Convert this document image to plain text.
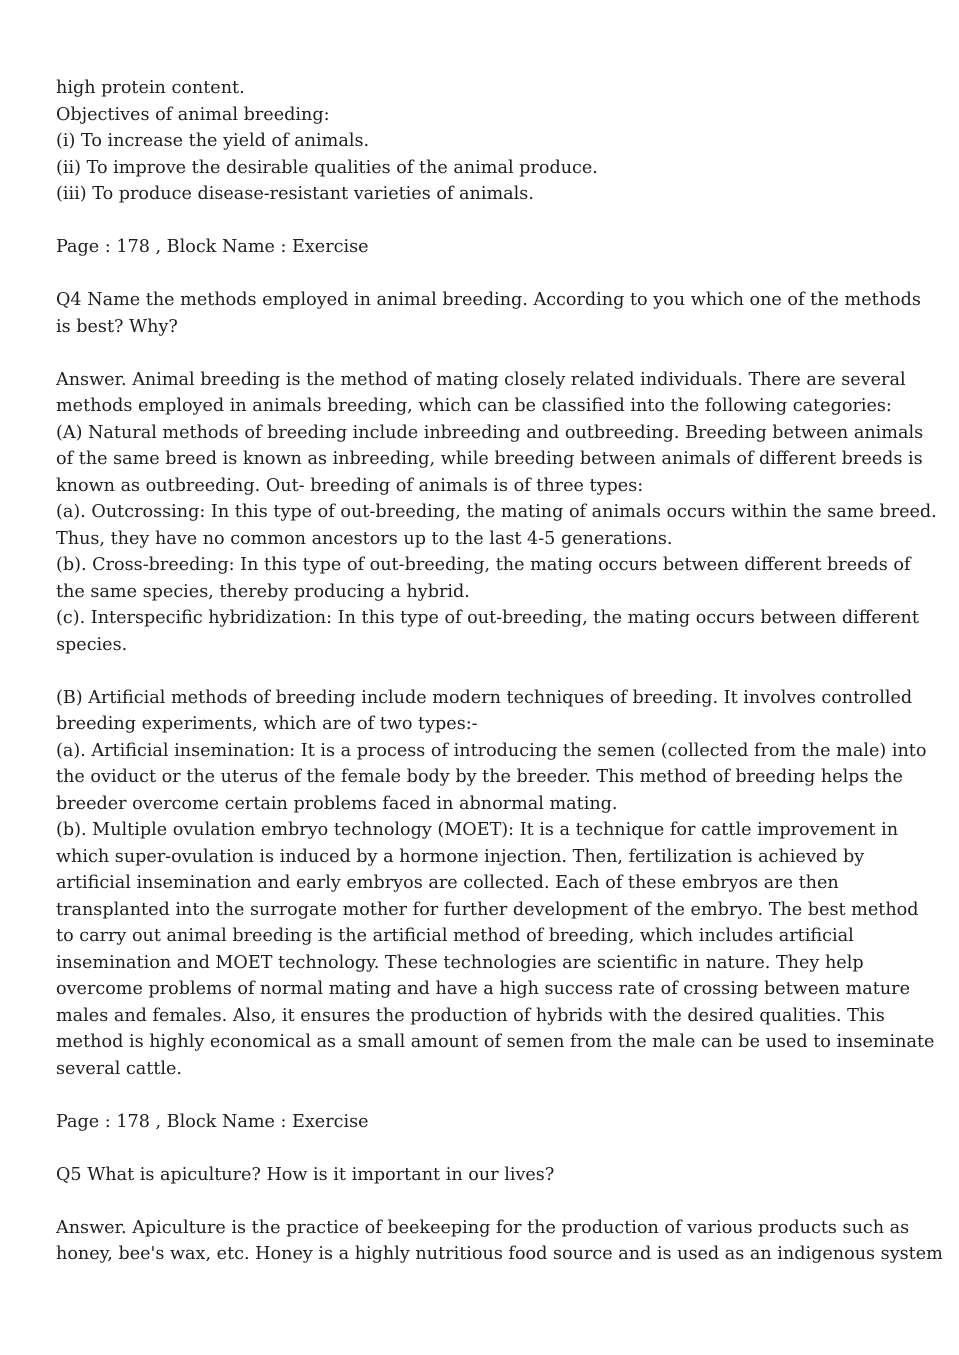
high protein content.
Objectives of animal breeding:
(i) To increase the yield of animals.
(ii) To improve the desirable qualities of the animal produce.
(iii) To produce disease-resistant varieties of animals.
Page : 178 , Block Name : Exercise
Q4 Name the methods employed in animal breeding. According to you which one of the methods
is best? Why?
Answer. Animal breeding is the method of mating closely related individuals. There are several
methods employed in animals breeding, which can be classified into the following categories:
(A) Natural methods of breeding include inbreeding and outbreeding. Breeding between animals
of the same breed is known as inbreeding, while breeding between animals of different breeds is
known as outbreeding. Out- breeding of animals is of three types:
(a). Outcrossing: In this type of out-breeding, the mating of animals occurs within the same breed.
Thus, they have no common ancestors up to the last 4-5 generations.
(b). Cross-breeding: In this type of out-breeding, the mating occurs between different breeds of
the same species, thereby producing a hybrid.
(c). Interspecific hybridization: In this type of out-breeding, the mating occurs between different
species.
(B) Artificial methods of breeding include modern techniques of breeding. It involves controlled
breeding experiments, which are of two types:-
(a). Artificial insemination: It is a process of introducing the semen (collected from the male) into
the oviduct or the uterus of the female body by the breeder. This method of breeding helps the
breeder overcome certain problems faced in abnormal mating.
(b). Multiple ovulation embryo technology (MOET): It is a technique for cattle improvement in
which super-ovulation is induced by a hormone injection. Then, fertilization is achieved by
artificial insemination and early embryos are collected. Each of these embryos are then
transplanted into the surrogate mother for further development of the embryo. The best method
to carry out animal breeding is the artificial method of breeding, which includes artificial
insemination and MOET technology. These technologies are scientific in nature. They help
overcome problems of normal mating and have a high success rate of crossing between mature
males and females. Also, it ensures the production of hybrids with the desired qualities. This
method is highly economical as a small amount of semen from the male can be used to inseminate
several cattle.
Page : 178 , Block Name : Exercise
Q5 What is apiculture? How is it important in our lives?
Answer. Apiculture is the practice of beekeeping for the production of various products such as
honey, bee's wax, etc. Honey is a highly nutritious food source and is used as an indigenous system
